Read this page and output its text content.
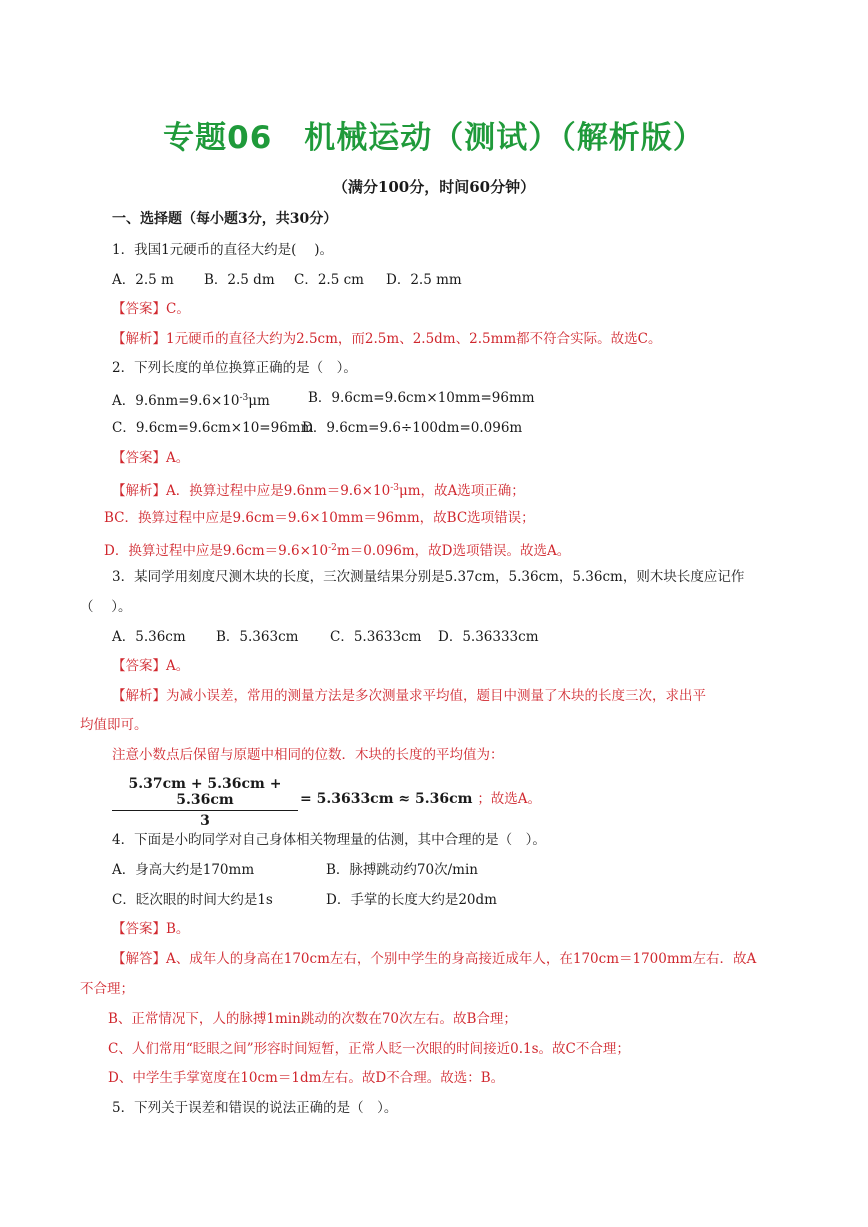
专题06　机械运动（测试）（解析版）
（满分100分，时间60分钟）
一、选择题（每小题3分，共30分）
1．我国1元硬币的直径大约是(　 )。
A．2.5 m B．2.5 dm C．2.5 cm D．2.5 mm
【答案】C。
【解析】1元硬币的直径大约为2.5cm，而2.5m、2.5dm、2.5mm都不符合实际。故选C。
2．下列长度的单位换算正确的是（　）。
A．$9.6nm=9.6\times 10^{-3}\mu m$	B．9.6cm=9.6cm×10mm=96mm
C．9.6cm=9.6cm×10=96mm
D．9.6cm=9.6÷100dm=0.096m
【答案】A。
【解析】A．换算过程中应是$9.6nm=9.6\times 10^{-3}\mu m$，故A选项正确；
BC．换算过程中应是9.6cm＝9.6×10mm＝96mm，故BC选项错误；
D．换算过程中应是$9.6cm=9.6\times 10^{-2}m=0.096m$，故D选项错误。故选A。
3．某同学用刻度尺测木块的长度，三次测量结果分别是5.37cm，5.36cm，5.36cm，则木块长度应记作
（　 ）。
A．5.36cm B．5.363cm C．5.3633cm D．5.36333cm
【答案】A。
【解析】为减小误差，常用的测量方法是多次测量求平均值，题目中测量了木块的长度三次，求出平
均值即可。
注意小数点后保留与原题中相同的位数．木块的长度的平均值为：
$\frac{5.37cm + 5.36cm + 5.36cm}{3} = 5.3633cm \approx 5.36cm$ ；故选A。
4．下面是小昀同学对自己身体相关物理量的估测，其中合理的是（　）。
A．身高大约是170mm	B．脉搏跳动约70次/min
C．眨次眼的时间大约是1s	D．手掌的长度大约是20dm
【答案】B。
【解答】A、成年人的身高在170cm左右，个别中学生的身高接近成年人，在170cm＝1700mm左右．故A
不合理；
B、正常情况下，人的脉搏1min跳动的次数在70次左右。故B合理；
C、人们常用“眨眼之间”形容时间短暂，正常人眨一次眼的时间接近0.1s。故C不合理；
D、中学生手掌宽度在10cm＝1dm左右。故D不合理。故选：B。
5．下列关于误差和错误的说法正确的是（　）。
